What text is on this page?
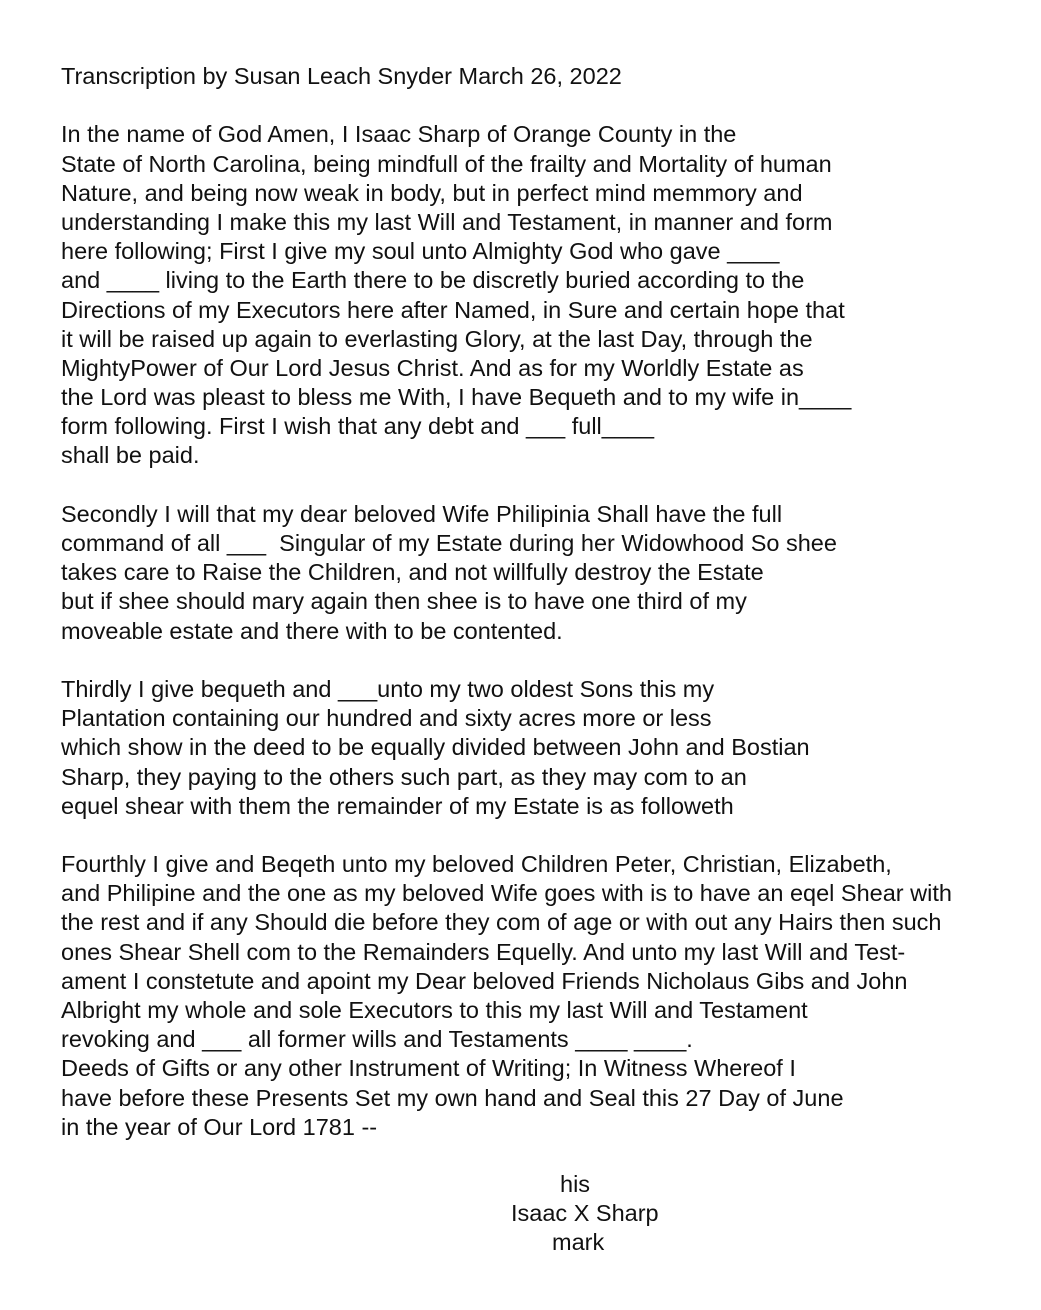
Transcription by Susan Leach Snyder March 26, 2022
In the name of God Amen, I Isaac Sharp of Orange County in the
State of North Carolina, being mindfull of the frailty and Mortality of human
Nature, and being now weak in body, but in perfect mind memmory and
understanding I make this my last Will and Testament, in manner and form
here following; First I give my soul unto Almighty God who gave ____
and ____ living to the Earth there to be discretly buried according to the
Directions of my Executors here after Named, in Sure and certain hope that
it will be raised up again to everlasting Glory, at the last Day, through the
MightyPower of Our Lord Jesus Christ. And as for my Worldly Estate as
the Lord was pleast to bless me With, I have Bequeth and to my wife in____
form following. First I wish that any debt and ___ full____
shall be paid.
Secondly I will that my dear beloved Wife Philipinia Shall have the full
command of all ___  Singular of my Estate during her Widowhood So shee
takes care to Raise the Children, and not willfully destroy the Estate
but if shee should mary again then shee is to have one third of my
moveable estate and there with to be contented.
Thirdly I give bequeth and ___unto my two oldest Sons this my
Plantation containing our hundred and sixty acres more or less
which show in the deed to be equally divided between John and Bostian
Sharp, they paying to the others such part, as they may com to an
equel shear with them the remainder of my Estate is as followeth
Fourthly I give and Beqeth unto my beloved Children Peter, Christian, Elizabeth,
and Philipine and the one as my beloved Wife goes with is to have an eqel Shear with
the rest and if any Should die before they com of age or with out any Hairs then such
ones Shear Shell com to the Remainders Equelly. And unto my last Will and Test-
ament I constetute and apoint my Dear beloved Friends Nicholaus Gibs and John
Albright my whole and sole Executors to this my last Will and Testament
revoking and ___ all former wills and Testaments ____ ____.
Deeds of Gifts or any other Instrument of Writing; In Witness Whereof I
have before these Presents Set my own hand and Seal this 27 Day of June
in the year of Our Lord 1781 --
his
Isaac X Sharp
mark
